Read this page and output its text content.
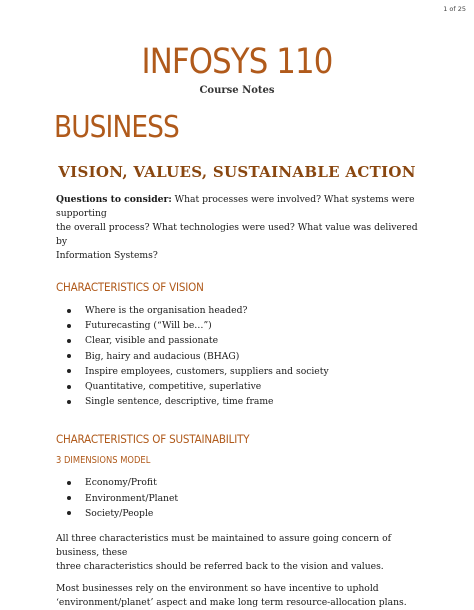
1 of 25
INFOSYS 110
Course Notes
BUSINESS
VISION, VALUES, SUSTAINABLE ACTION

Questions to consider: What processes were involved? What systems were supporting
the overall process? What technologies were used? What value was delivered by
Information Systems?

CHARACTERISTICS OF VISION
Where is the organisation headed?
Futurecasting (“Will be…”)
Clear, visible and passionate
Big, hairy and audacious (BHAG)
Inspire employees, customers, suppliers and society
Quantitative, competitive, superlative
Single sentence, descriptive, time frame
CHARACTERISTICS OF SUSTAINABILITY
3 DIMENSIONS MODEL
Economy/Profit
Environment/Planet
Society/People

All three characteristics must be maintained to assure going concern of business, these
three characteristics should be referred back to the vision and values.

Most businesses rely on the environment so have incentive to uphold
‘environment/planet’ aspect and make long term resource-allocation plans.
